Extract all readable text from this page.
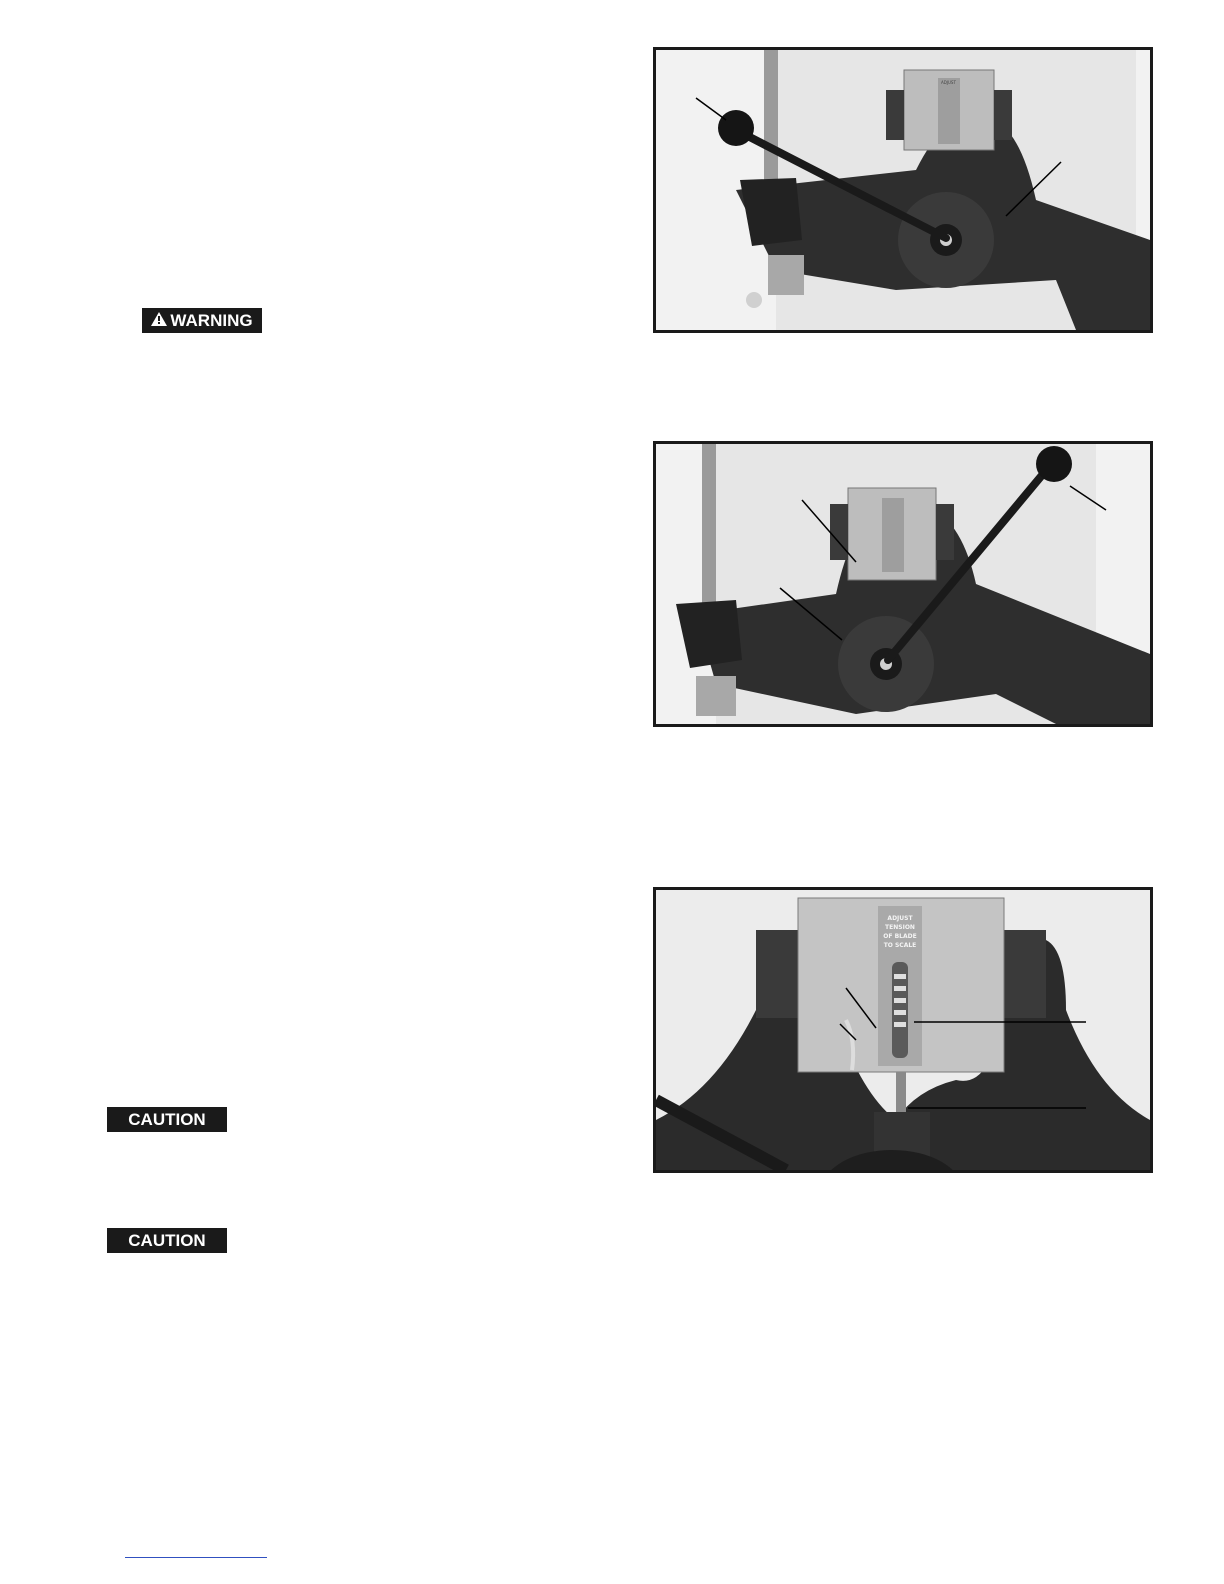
WARNING
CAUTION
CAUTION
ADJUST
ADJUST
TENSION
OF BLADE
TO SCALE
